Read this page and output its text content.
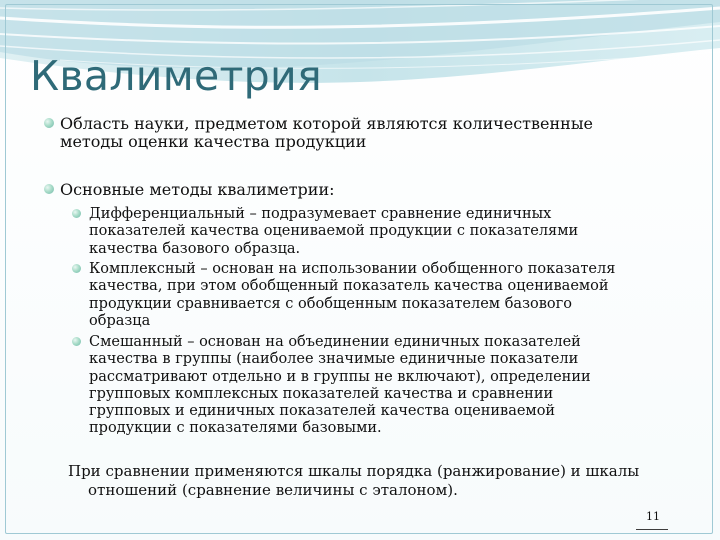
Квалиметрия
Область науки, предметом которой являются количественные
методы оценки качества продукции
Основные методы квалиметрии:
Дифференциальный – подразумевает сравнение единичных
показателей качества оцениваемой продукции с показателями
качества базового образца.
Комплексный – основан на использовании обобщенного показателя
качества, при этом обобщенный показатель качества оцениваемой
продукции сравнивается с обобщенным показателем базового
образца
Смешанный – основан на объединении единичных показателей
качества в группы (наиболее значимые единичные показатели
рассматривают отдельно и в группы не включают), определении
групповых комплексных показателей качества и сравнении
групповых и единичных показателей качества оцениваемой
продукции с показателями базовыми.
При сравнении применяются шкалы порядка (ранжирование) и шкалы
отношений (сравнение величины с эталоном).
11
